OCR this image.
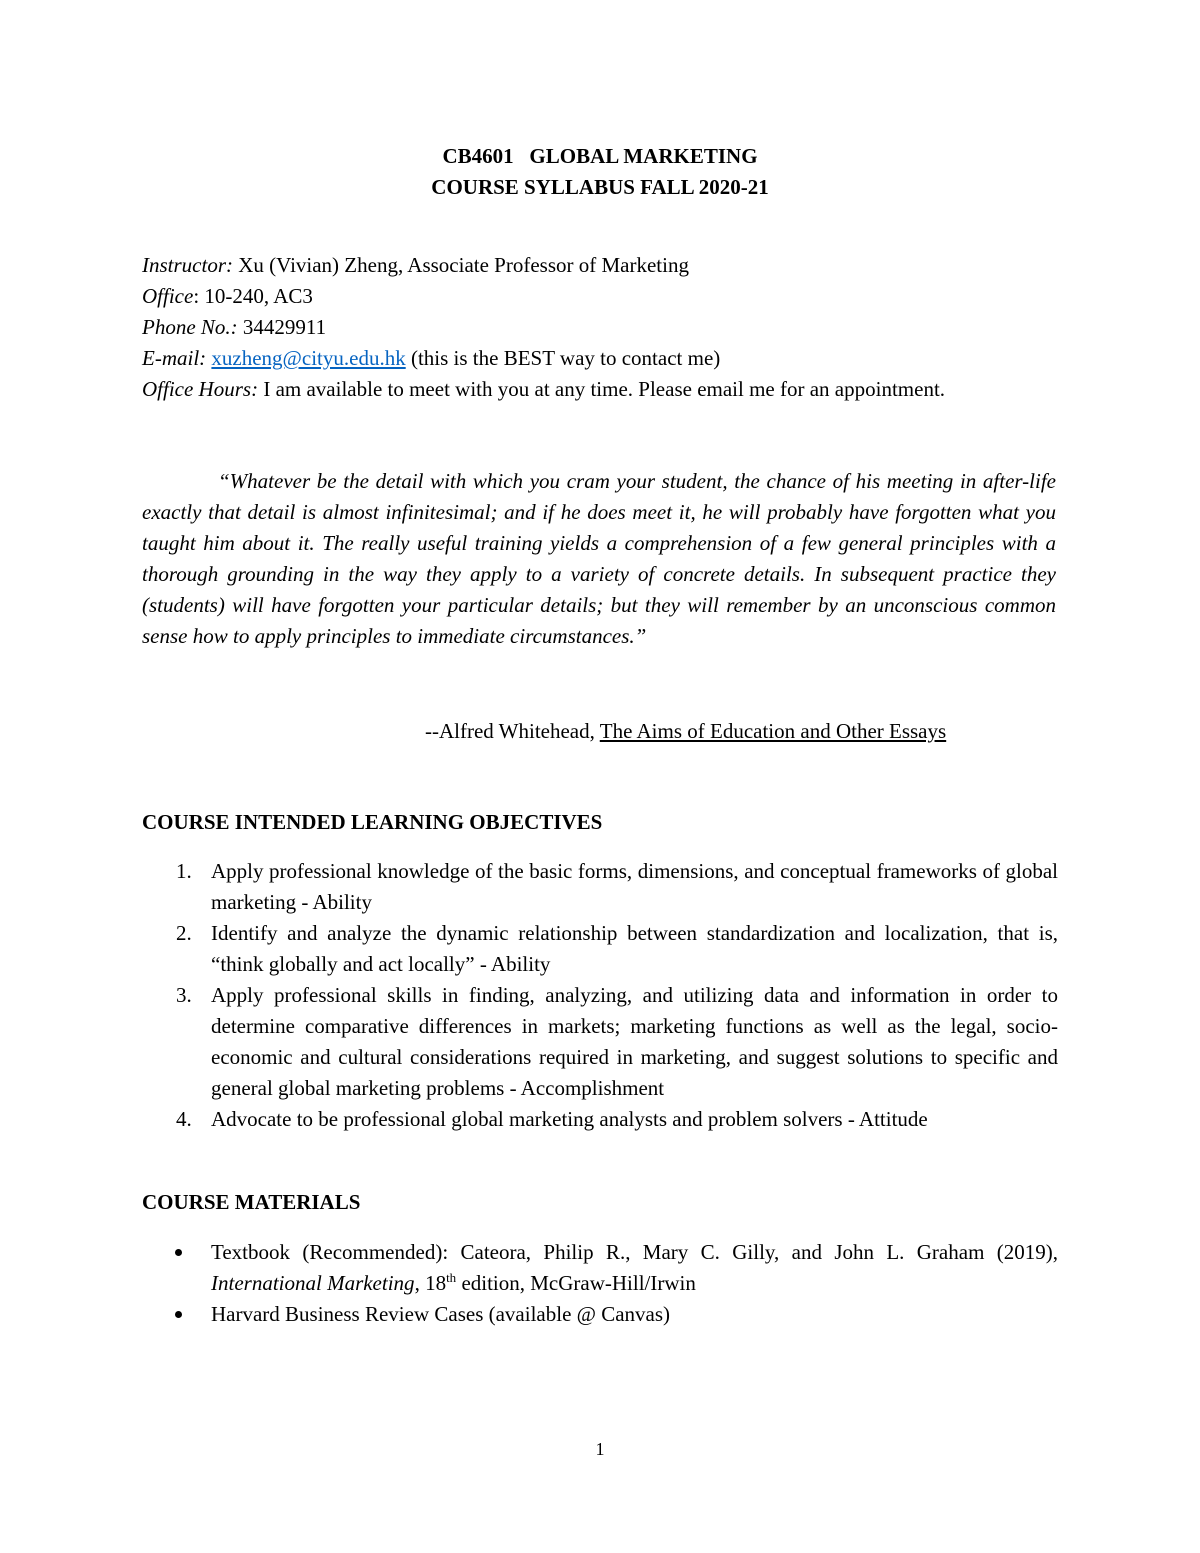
CB4601 GLOBAL MARKETING
COURSE SYLLABUS FALL 2020-21
Instructor: Xu (Vivian) Zheng, Associate Professor of Marketing
Office: 10-240, AC3
Phone No.: 34429911
E-mail: xuzheng@cityu.edu.hk (this is the BEST way to contact me)
Office Hours: I am available to meet with you at any time. Please email me for an appointment.
“Whatever be the detail with which you cram your student, the chance of his meeting in after-life exactly that detail is almost infinitesimal; and if he does meet it, he will probably have forgotten what you taught him about it. The really useful training yields a comprehension of a few general principles with a thorough grounding in the way they apply to a variety of concrete details. In subsequent practice they (students) will have forgotten your particular details; but they will remember by an unconscious common sense how to apply principles to immediate circumstances.”
--Alfred Whitehead, The Aims of Education and Other Essays
COURSE INTENDED LEARNING OBJECTIVES
1. Apply professional knowledge of the basic forms, dimensions, and conceptual frameworks of global marketing - Ability
2. Identify and analyze the dynamic relationship between standardization and localization, that is, “think globally and act locally” - Ability
3. Apply professional skills in finding, analyzing, and utilizing data and information in order to determine comparative differences in markets; marketing functions as well as the legal, socio-economic and cultural considerations required in marketing, and suggest solutions to specific and general global marketing problems - Accomplishment
4. Advocate to be professional global marketing analysts and problem solvers - Attitude
COURSE MATERIALS
Textbook (Recommended): Cateora, Philip R., Mary C. Gilly, and John L. Graham (2019), International Marketing, 18th edition, McGraw-Hill/Irwin
Harvard Business Review Cases (available @ Canvas)
1
